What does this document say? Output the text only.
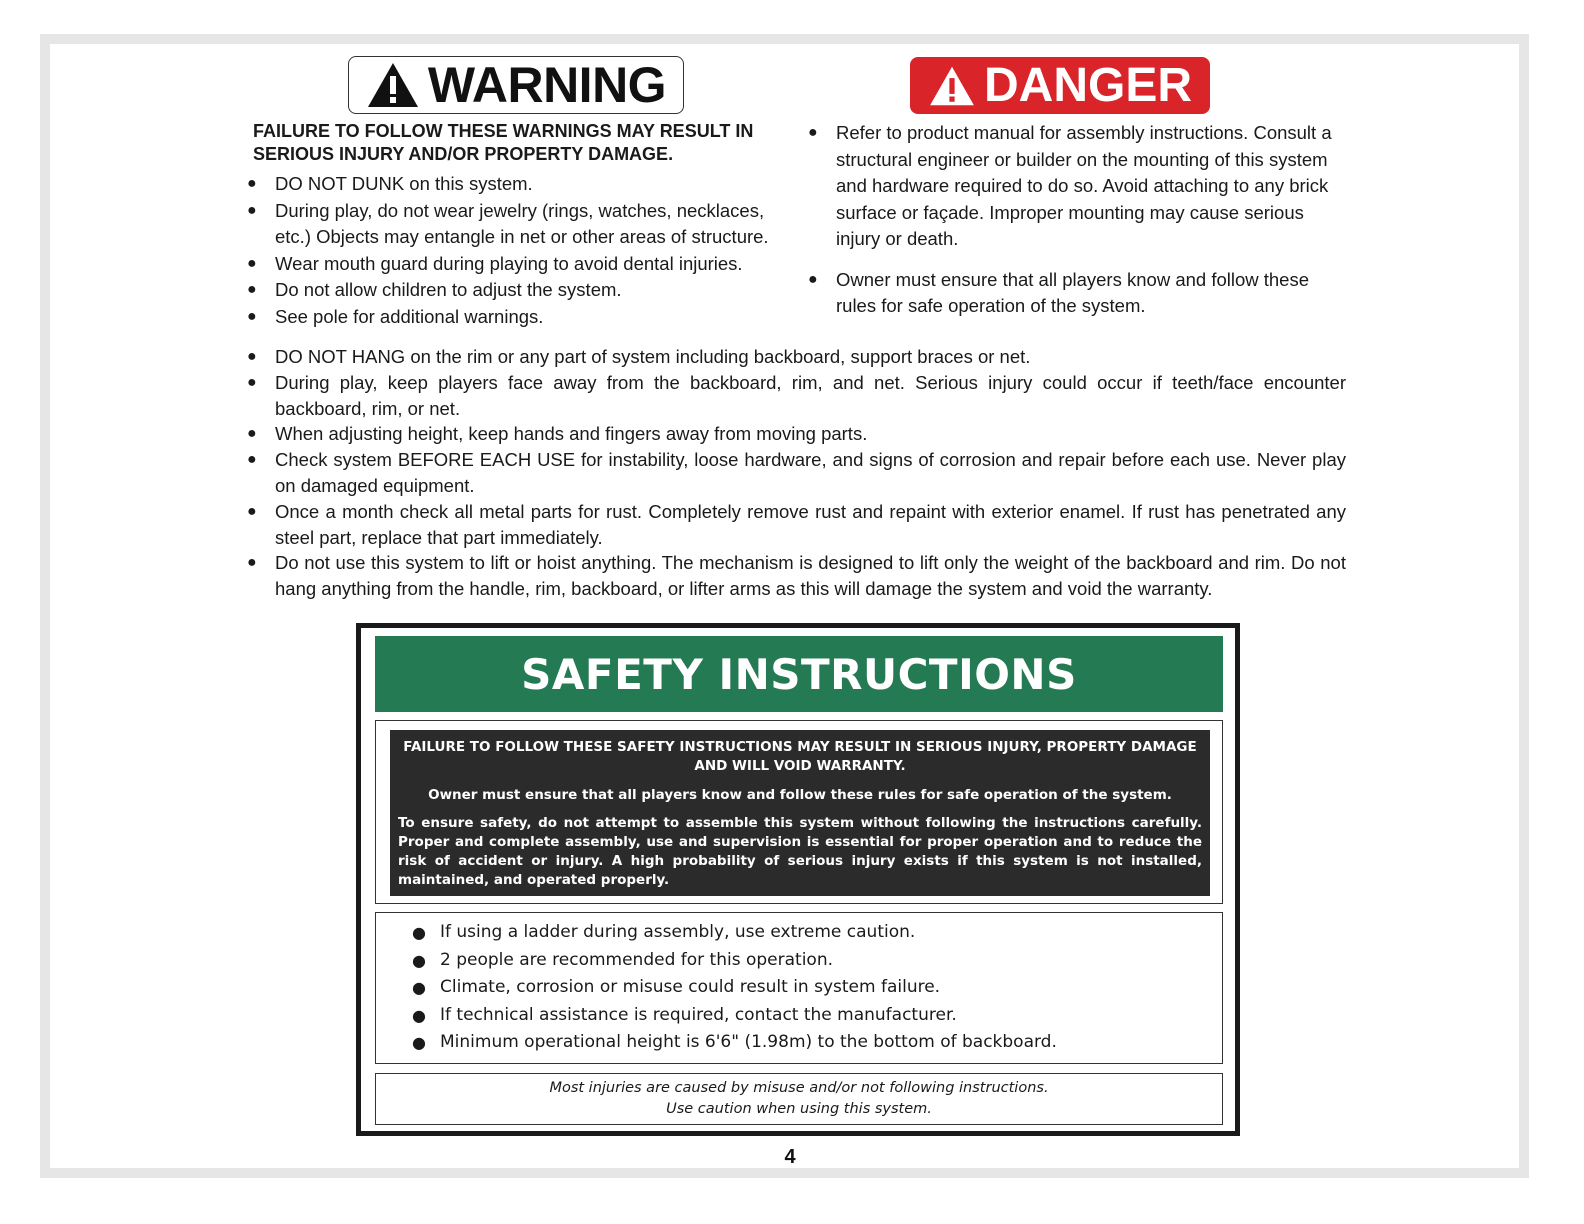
WARNING	DANGER
FAILURE TO FOLLOW THESE WARNINGS MAY RESULT IN
SERIOUS INJURY AND/OR PROPERTY DAMAGE.
● DO NOT DUNK on this system.
● During play, do not wear jewelry (rings, watches, necklaces, etc.) Objects may entangle in net or other areas of structure.
● Wear mouth guard during playing to avoid dental injuries.
● Do not allow children to adjust the system.
● See pole for additional warnings.
● Refer to product manual for assembly instructions. Consult a structural engineer or builder on the mounting of this system and hardware required to do so. Avoid attaching to any brick surface or façade. Improper mounting may cause serious injury or death.
● Owner must ensure that all players know and follow these rules for safe operation of the system.
● DO NOT HANG on the rim or any part of system including backboard, support braces or net.
● During play, keep players face away from the backboard, rim, and net. Serious injury could occur if teeth/face encounter backboard, rim, or net.
● When adjusting height, keep hands and fingers away from moving parts.
● Check system BEFORE EACH USE for instability, loose hardware, and signs of corrosion and repair before each use. Never play on damaged equipment.
● Once a month check all metal parts for rust. Completely remove rust and repaint with exterior enamel. If rust has penetrated any steel part, replace that part immediately.
● Do not use this system to lift or hoist anything. The mechanism is designed to lift only the weight of the backboard and rim. Do not hang anything from the handle, rim, backboard, or lifter arms as this will damage the system and void the warranty.
SAFETY INSTRUCTIONS

FAILURE TO FOLLOW THESE SAFETY INSTRUCTIONS MAY RESULT IN SERIOUS INJURY, PROPERTY DAMAGE AND WILL VOID WARRANTY.

Owner must ensure that all players know and follow these rules for safe operation of the system.

To ensure safety, do not attempt to assemble this system without following the instructions carefully. Proper and complete assembly, use and supervision is essential for proper operation and to reduce the risk of accident or injury. A high probability of serious injury exists if this system is not installed, maintained, and operated properly.

● If using a ladder during assembly, use extreme caution.
● 2 people are recommended for this operation.
● Climate, corrosion or misuse could result in system failure.
● If technical assistance is required, contact the manufacturer.
● Minimum operational height is 6'6" (1.98m) to the bottom of backboard.

Most injuries are caused by misuse and/or not following instructions.

Use caution when using this system.

4
